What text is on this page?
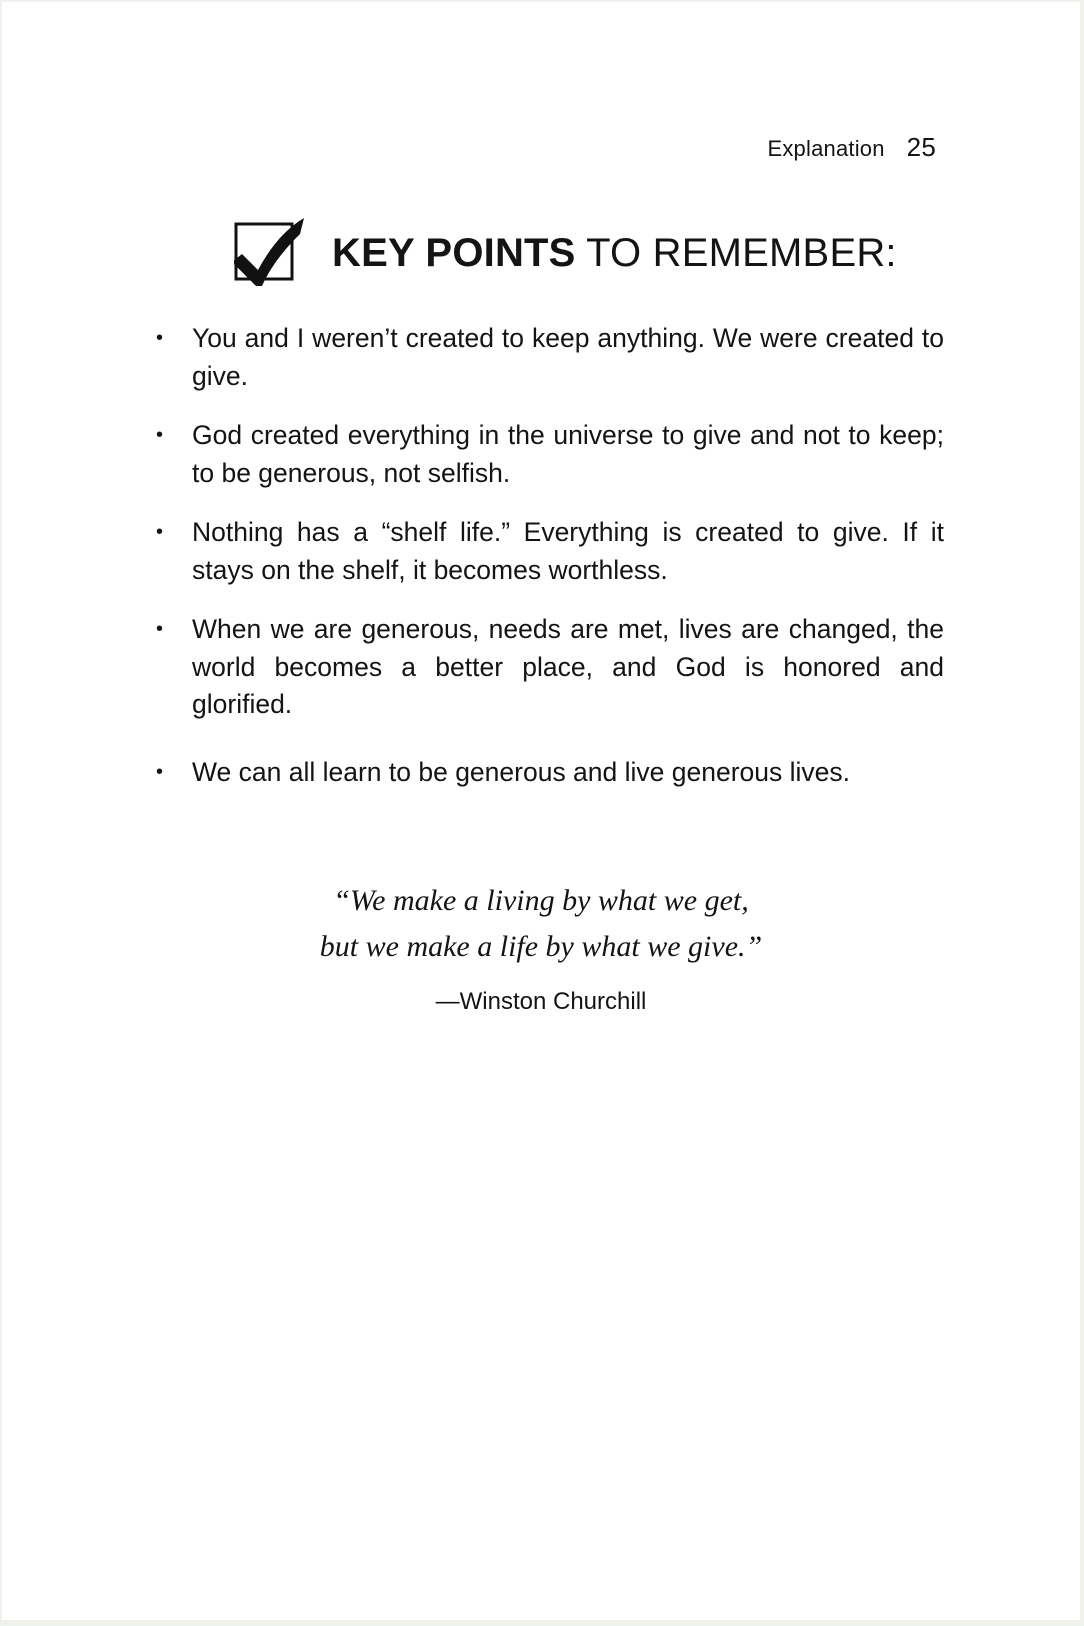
Explanation 25
KEY POINTS TO REMEMBER:
• You and I weren’t created to keep anything. We were created to give.
• God created everything in the universe to give and not to keep; to be generous, not selfish.
• Nothing has a “shelf life.” Everything is created to give. If it stays on the shelf, it becomes worthless.
• When we are generous, needs are met, lives are changed, the world becomes a better place, and God is honored and glorified.
• We can all learn to be generous and live generous lives.
“We make a living by what we get,
but we make a life by what we give.”
—Winston Churchill
